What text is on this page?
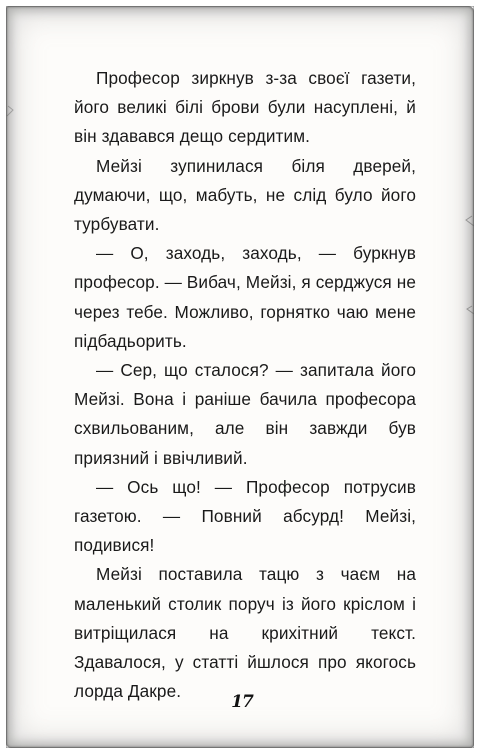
Професор зиркнув з-за своєї газети, його великі білі брови були насуплені, й він здавався дещо сердитим.

Мейзі зупинилася біля дверей, думаючи, що, мабуть, не слід було його турбувати.

— О, заходь, заходь, — буркнув професор. — Вибач, Мейзі, я серджуся не через тебе. Можливо, горнятко чаю мене підбадьорить.

— Сер, що сталося? — запитала його Мейзі. Вона і раніше бачила професора схвильованим, але він завжди був приязний і ввічливий.

— Ось що! — Професор потрусив газетою. — Повний абсурд! Мейзі, подивися!

Мейзі поставила тацю з чаєм на маленький столик поруч із його кріслом і витріщилася на крихітний текст. Здавалося, у статті йшлося про якогось лорда Дакре.

17
